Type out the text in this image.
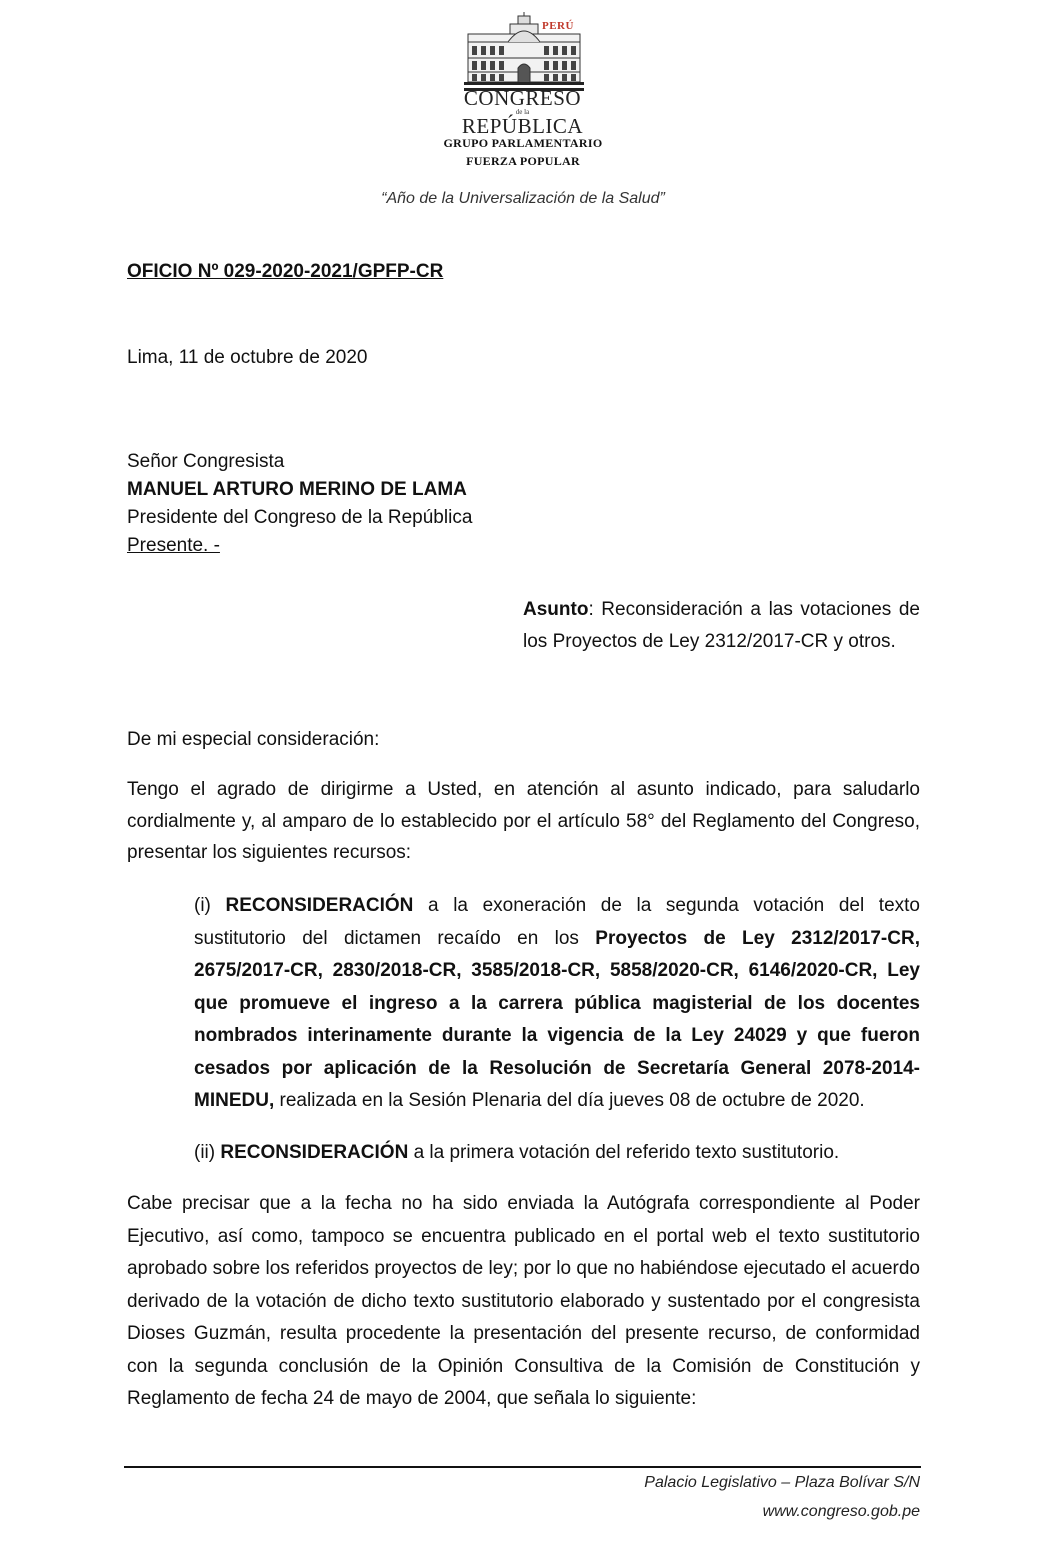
PERÚ
CONGRESO
de la
REPÚBLICA
GRUPO PARLAMENTARIO
FUERZA POPULAR
“Año de la Universalización de la Salud”
OFICIO Nº 029-2020-2021/GPFP-CR
Lima, 11 de octubre de 2020
Señor Congresista
MANUEL ARTURO MERINO DE LAMA
Presidente del Congreso de la República
Presente. -
Asunto: Reconsideración a las votaciones de los Proyectos de Ley 2312/2017-CR y otros.
De mi especial consideración:
Tengo el agrado de dirigirme a Usted, en atención al asunto indicado, para saludarlo cordialmente y, al amparo de lo establecido por el artículo 58° del Reglamento del Congreso, presentar los siguientes recursos:
(i) RECONSIDERACIÓN a la exoneración de la segunda votación del texto sustitutorio del dictamen recaído en los Proyectos de Ley 2312/2017-CR, 2675/2017-CR, 2830/2018-CR, 3585/2018-CR, 5858/2020-CR, 6146/2020-CR, Ley que promueve el ingreso a la carrera pública magisterial de los docentes nombrados interinamente durante la vigencia de la Ley 24029 y que fueron cesados por aplicación de la Resolución de Secretaría General 2078-2014-MINEDU, realizada en la Sesión Plenaria del día jueves 08 de octubre de 2020.
(ii) RECONSIDERACIÓN a la primera votación del referido texto sustitutorio.
Cabe precisar que a la fecha no ha sido enviada la Autógrafa correspondiente al Poder Ejecutivo, así como, tampoco se encuentra publicado en el portal web el texto sustitutorio aprobado sobre los referidos proyectos de ley; por lo que no habiéndose ejecutado el acuerdo derivado de la votación de dicho texto sustitutorio elaborado y sustentado por el congresista Dioses Guzmán, resulta procedente la presentación del presente recurso, de conformidad con la segunda conclusión de la Opinión Consultiva de la Comisión de Constitución y Reglamento de fecha 24 de mayo de 2004, que señala lo siguiente:
Palacio Legislativo – Plaza Bolívar S/N
www.congreso.gob.pe
